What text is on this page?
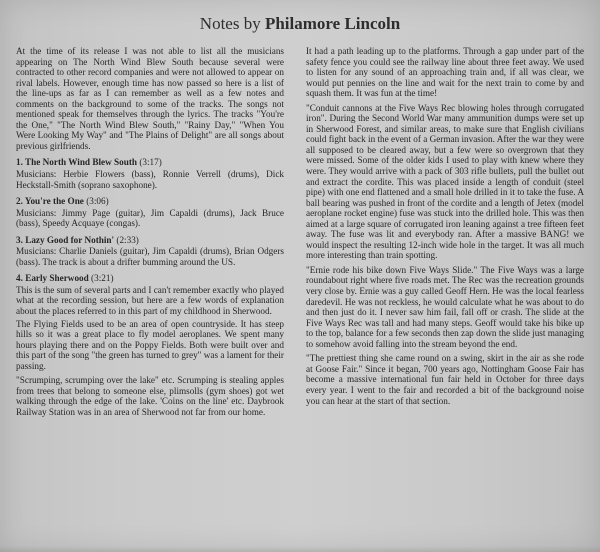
Notes by Philamore Lincoln

At the time of its release I was not able to list all the musicians appearing on The North Wind Blew South because several were contracted to other record companies and were not allowed to appear on rival labels. However, enough time has now passed so here is a list of the line-ups as far as I can remember as well as a few notes and comments on the background to some of the tracks. The songs not mentioned speak for themselves through the lyrics. The tracks "You're the One," "The North Wind Blew South," "Rainy Day," "When You Were Looking My Way" and "The Plains of Delight" are all songs about previous girlfriends.

1. The North Wind Blew South (3:17)

Musicians: Herbie Flowers (bass), Ronnie Verrell (drums), Dick Heckstall-Smith (soprano saxophone).

2. You're the One (3:06)

Musicians: Jimmy Page (guitar), Jim Capaldi (drums), Jack Bruce (bass), Speedy Acquaye (congas).

3. Lazy Good for Nothin' (2:33)

Musicians: Charlie Daniels (guitar), Jim Capaldi (drums), Brian Odgers (bass). The track is about a drifter bumming around the US.

4. Early Sherwood (3:21)

This is the sum of several parts and I can't remember exactly who played what at the recording session, but here are a few words of explanation about the places referred to in this part of my childhood in Sherwood.

The Flying Fields used to be an area of open countryside. It has steep hills so it was a great place to fly model aeroplanes. We spent many hours playing there and on the Poppy Fields. Both were built over and this part of the song "the green has turned to grey" was a lament for their passing.

"Scrumping, scrumping over the lake" etc. Scrumping is stealing apples from trees that belong to someone else, plimsolls (gym shoes) got wet walking through the edge of the lake. 'Coins on the line' etc. Daybrook Railway Station was in an area of Sherwood not far from our home.

It had a path leading up to the platforms. Through a gap under part of the safety fence you could see the railway line about three feet away. We used to listen for any sound of an approaching train and, if all was clear, we would put pennies on the line and wait for the next train to come by and squash them. It was fun at the time!

"Conduit cannons at the Five Ways Rec blowing holes through corrugated iron". During the Second World War many ammunition dumps were set up in Sherwood Forest, and similar areas, to make sure that English civilians could fight back in the event of a German invasion. After the war they were all supposed to be cleared away, but a few were so overgrown that they were missed. Some of the older kids I used to play with knew where they were. They would arrive with a pack of 303 rifle bullets, pull the bullet out and extract the cordite. This was placed inside a length of conduit (steel pipe) with one end flattened and a small hole drilled in it to take the fuse. A ball bearing was pushed in front of the cordite and a length of Jetex (model aeroplane rocket engine) fuse was stuck into the drilled hole. This was then aimed at a large square of corrugated iron leaning against a tree fifteen feet away. The fuse was lit and everybody ran. After a massive BANG! we would inspect the resulting 12-inch wide hole in the target. It was all much more interesting than train spotting.

"Ernie rode his bike down Five Ways Slide." The Five Ways was a large roundabout right where five roads met. The Rec was the recreation grounds very close by. Ernie was a guy called Geoff Hern. He was the local fearless daredevil. He was not reckless, he would calculate what he was about to do and then just do it. I never saw him fail, fall off or crash. The slide at the Five Ways Rec was tall and had many steps. Geoff would take his bike up to the top, balance for a few seconds then zap down the slide just managing to somehow avoid falling into the stream beyond the end.

"The prettiest thing she came round on a swing, skirt in the air as she rode at Goose Fair." Since it began, 700 years ago, Nottingham Goose Fair has become a massive international fun fair held in October for three days every year. I went to the fair and recorded a bit of the background noise you can hear at the start of that section.
